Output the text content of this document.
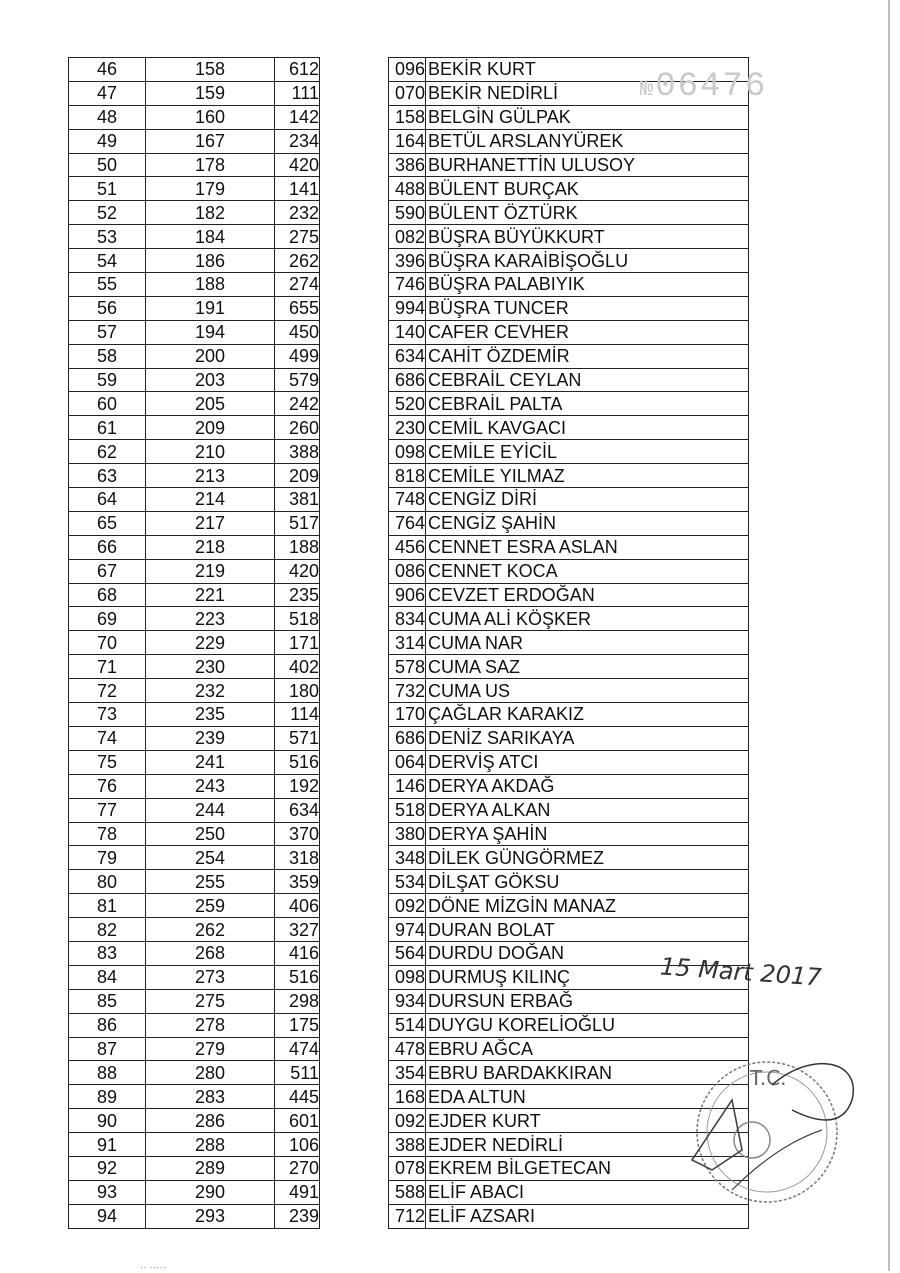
46	158	612		096	BEKİR KURT
47	159	111		070	BEKİR NEDİRLİ
48	160	142		158	BELGİN GÜLPAK
49	167	234		164	BETÜL ARSLANYÜREK
50	178	420		386	BURHANETTİN ULUSOY
51	179	141		488	BÜLENT BURÇAK
52	182	232		590	BÜLENT ÖZTÜRK
53	184	275		082	BÜŞRA BÜYÜKKURT
54	186	262		396	BÜŞRA KARAİBİŞOĞLU
55	188	274		746	BÜŞRA PALABIYIK
56	191	655		994	BÜŞRA TUNCER
57	194	450		140	CAFER CEVHER
58	200	499		634	CAHİT ÖZDEMİR
59	203	579		686	CEBRAİL CEYLAN
60	205	242		520	CEBRAİL PALTA
61	209	260		230	CEMİL KAVGACI
62	210	388		098	CEMİLE EYİCİL
63	213	209		818	CEMİLE YILMAZ
64	214	381		748	CENGİZ DİRİ
65	217	517		764	CENGİZ ŞAHİN
66	218	188		456	CENNET ESRA ASLAN
67	219	420		086	CENNET KOCA
68	221	235		906	CEVZET ERDOĞAN
69	223	518		834	CUMA ALİ KÖŞKER
70	229	171		314	CUMA NAR
71	230	402		578	CUMA SAZ
72	232	180		732	CUMA US
73	235	114		170	ÇAĞLAR KARAKIZ
74	239	571		686	DENİZ SARIKAYA
75	241	516		064	DERVİŞ ATCI
76	243	192		146	DERYA AKDAĞ
77	244	634		518	DERYA ALKAN
78	250	370		380	DERYA ŞAHİN
79	254	318		348	DİLEK GÜNGÖRMEZ
80	255	359		534	DİLŞAT GÖKSU
81	259	406		092	DÖNE MİZGİN MANAZ
82	262	327		974	DURAN BOLAT
83	268	416		564	DURDU DOĞAN
84	273	516		098	DURMUŞ KILINÇ
85	275	298		934	DURSUN ERBAĞ
86	278	175		514	DUYGU KORELİOĞLU
87	279	474		478	EBRU AĞCA
88	280	511		354	EBRU BARDAKKIRAN
89	283	445		168	EDA ALTUN
90	286	601		092	EJDER KURT
91	288	106		388	EJDER NEDİRLİ
92	289	270		078	EKREM BİLGETECAN
93	290	491		588	ELİF ABACI
94	293	239		712	ELİF AZSARI
№06476
15 Mart 2017
T.C.
·· ·····
